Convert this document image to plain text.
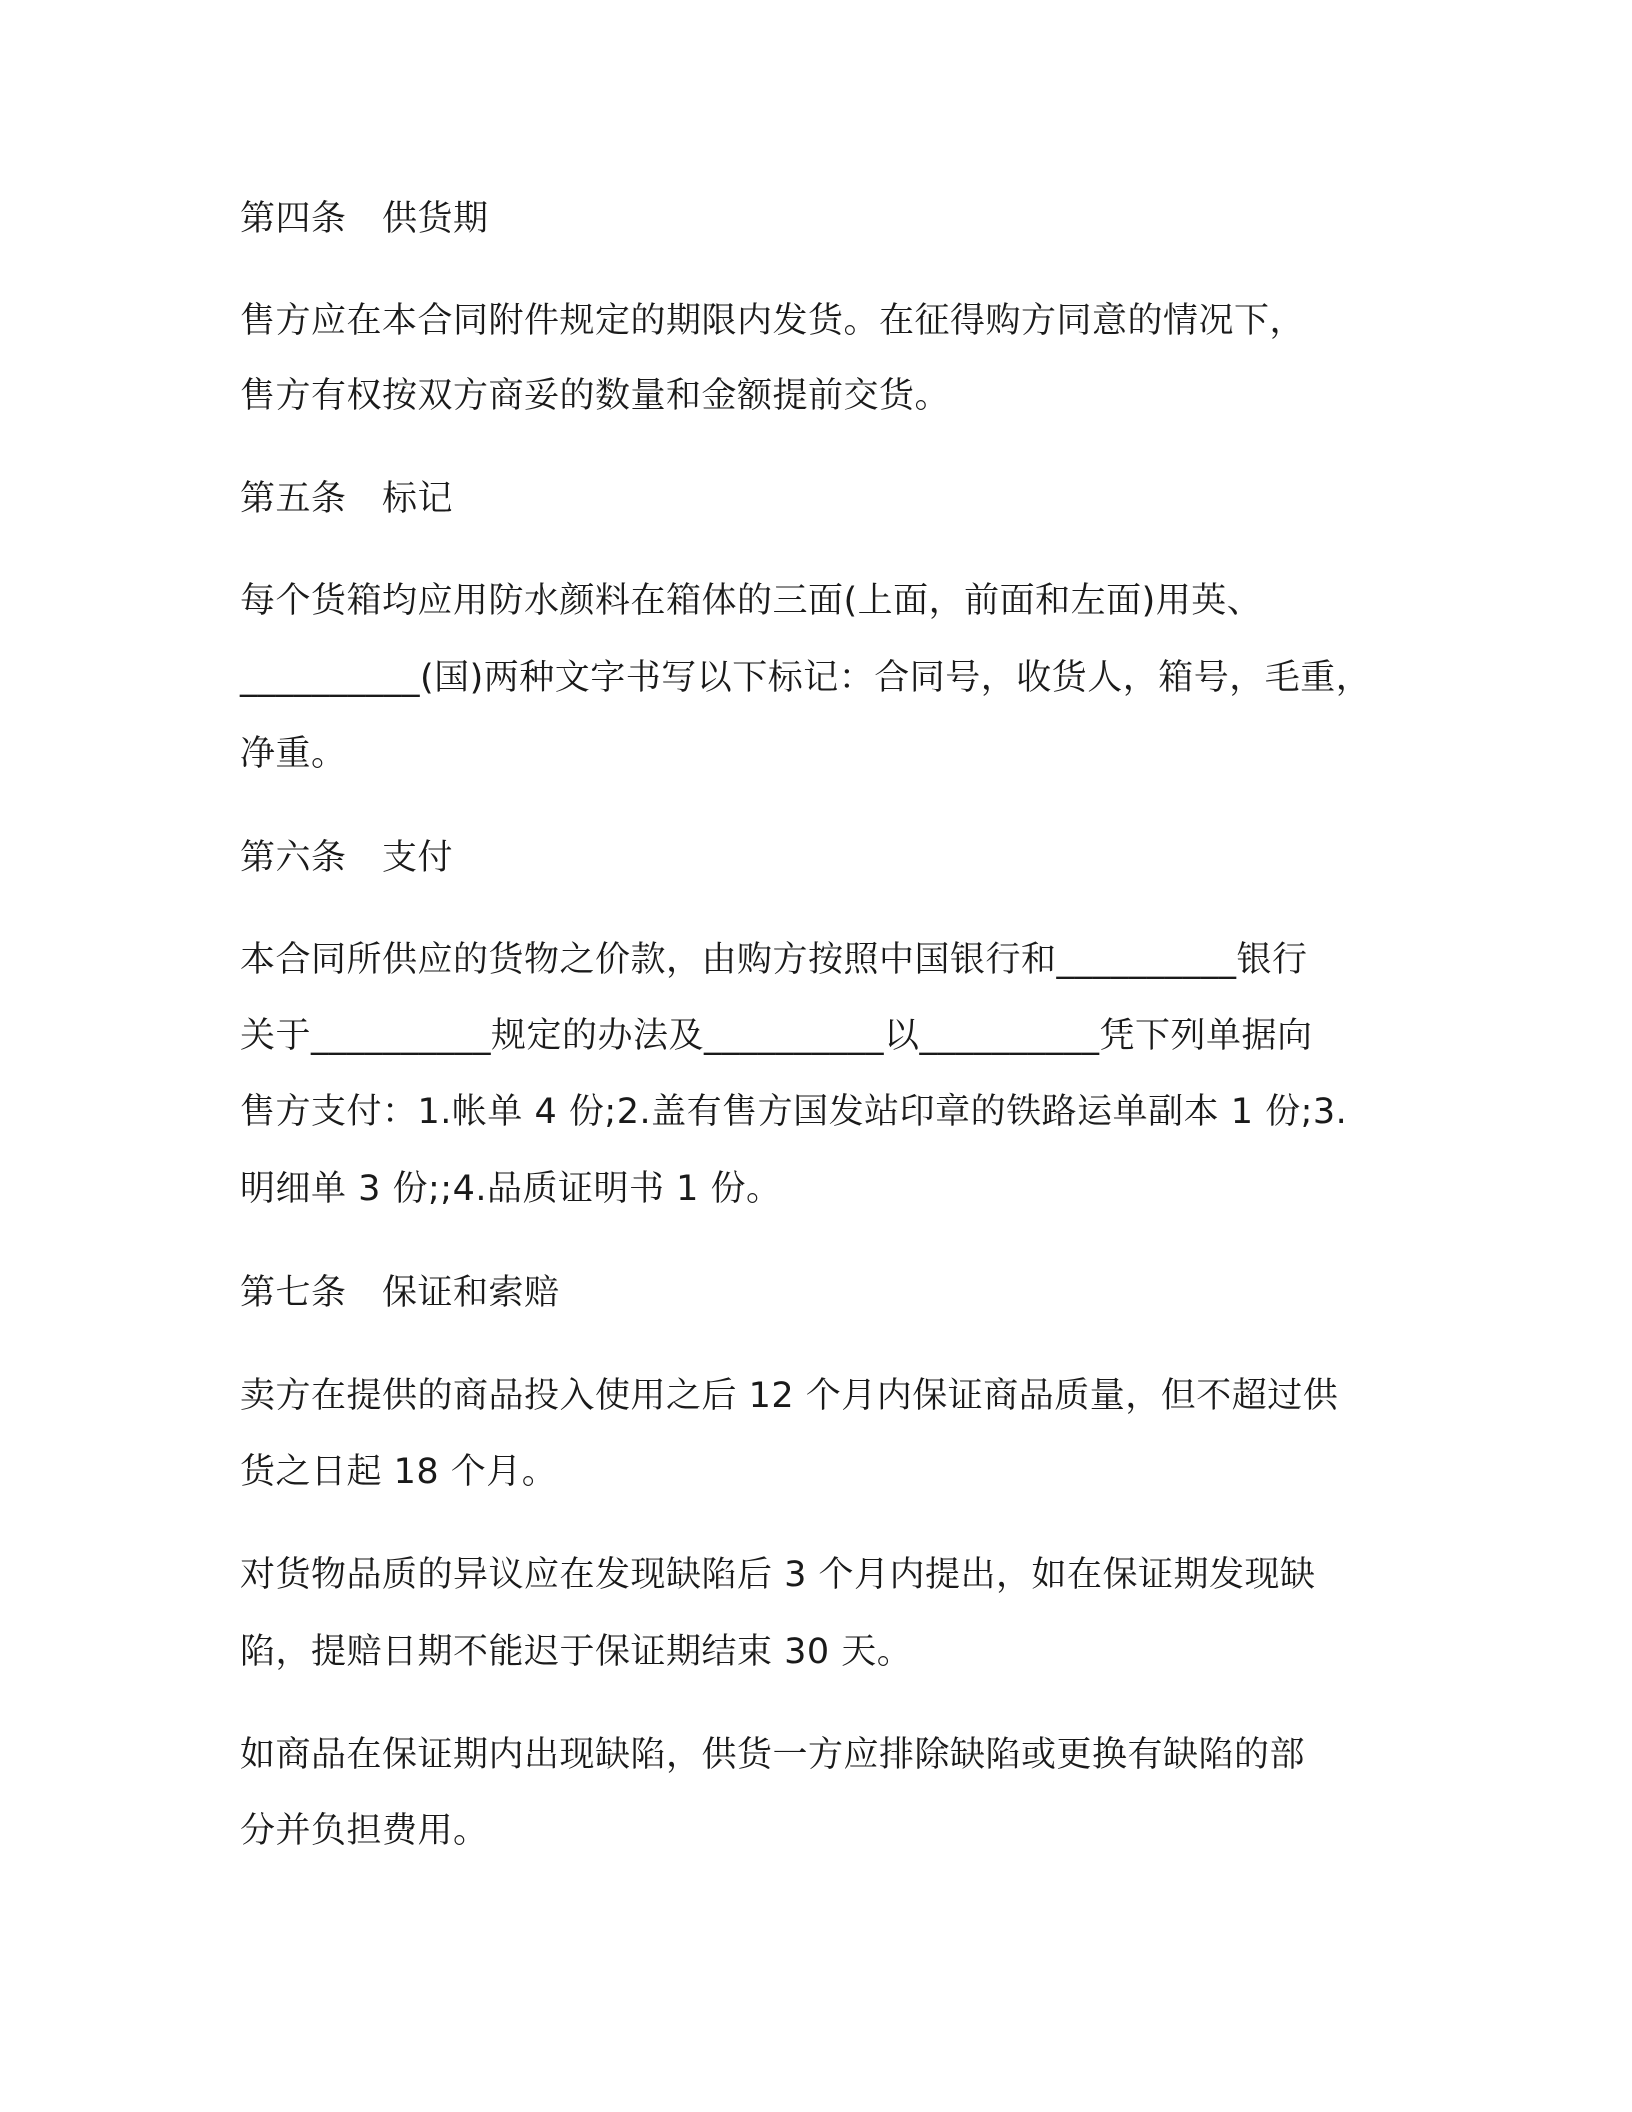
第四条　供货期
售方应在本合同附件规定的期限内发货。在征得购方同意的情况下，
售方有权按双方商妥的数量和金额提前交货。
第五条　标记
每个货箱均应用防水颜料在箱体的三面(上面，前面和左面)用英、
__________(国)两种文字书写以下标记：合同号，收货人，箱号，毛重，
净重。
第六条　支付
本合同所供应的货物之价款，由购方按照中国银行和__________银行
关于__________规定的办法及__________以__________凭下列单据向
售方支付：1.帐单 4 份;2.盖有售方国发站印章的铁路运单副本 1 份;3.
明细单 3 份;;4.品质证明书 1 份。
第七条　保证和索赔
卖方在提供的商品投入使用之后 12 个月内保证商品质量，但不超过供
货之日起 18 个月。
对货物品质的异议应在发现缺陷后 3 个月内提出，如在保证期发现缺
陷，提赔日期不能迟于保证期结束 30 天。
如商品在保证期内出现缺陷，供货一方应排除缺陷或更换有缺陷的部
分并负担费用。
